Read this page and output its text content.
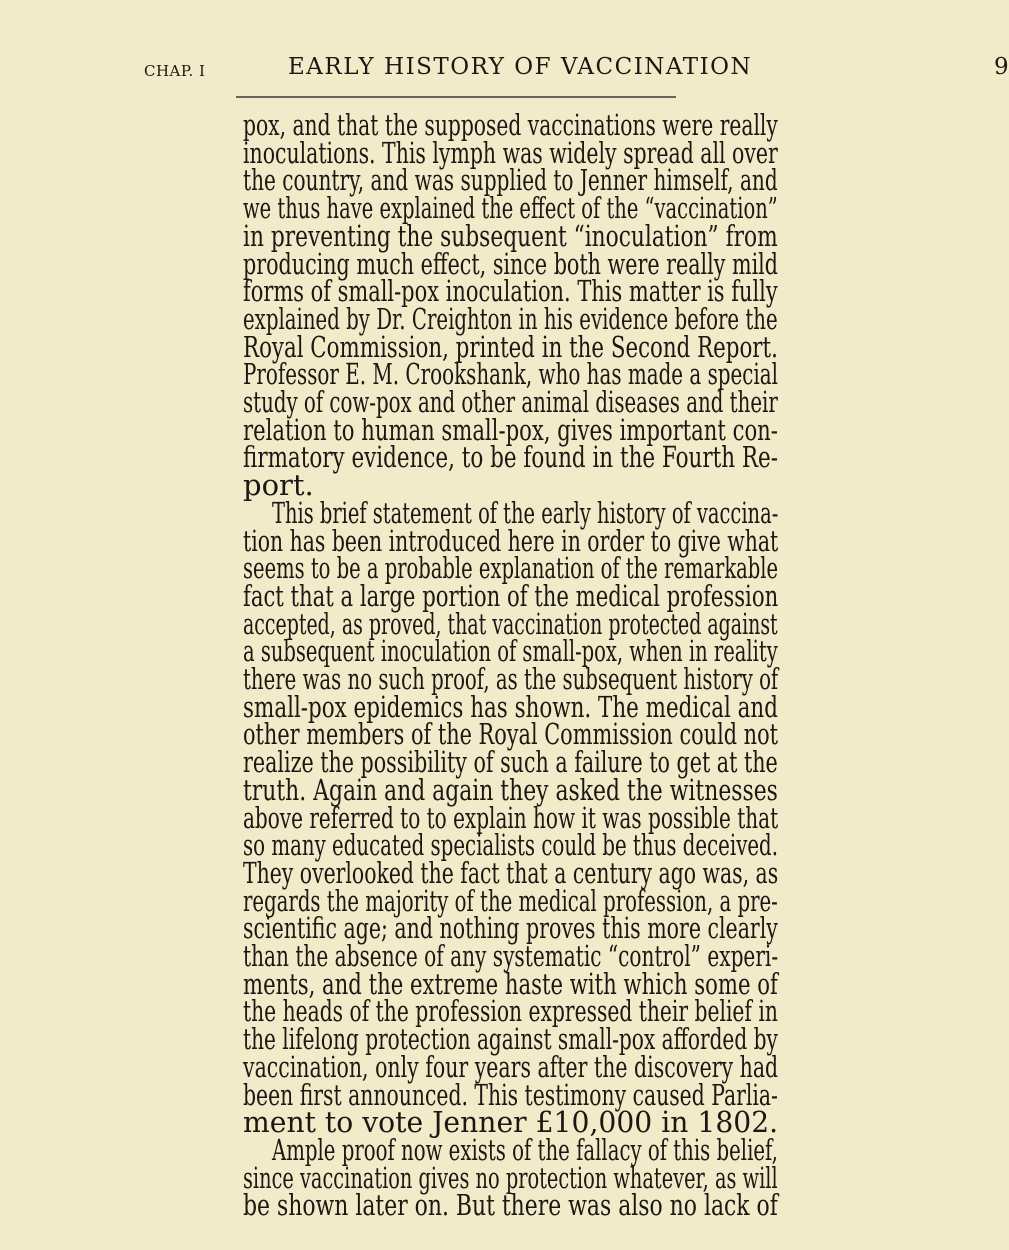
CHAP. I	EARLY HISTORY OF VACCINATION	9
pox, and that the supposed vaccinations were really
inoculations. This lymph was widely spread all over
the country, and was supplied to Jenner himself, and
we thus have explained the effect of the “vaccination”
in preventing the subsequent “inoculation” from
producing much effect, since both were really mild
forms of small-pox inoculation. This matter is fully
explained by Dr. Creighton in his evidence before the
Royal Commission, printed in the Second Report.
Professor E. M. Crookshank, who has made a special
study of cow-pox and other animal diseases and their
relation to human small-pox, gives important con-
firmatory evidence, to be found in the Fourth Re-
port.
This brief statement of the early history of vaccina-
tion has been introduced here in order to give what
seems to be a probable explanation of the remarkable
fact that a large portion of the medical profession
accepted, as proved, that vaccination protected against
a subsequent inoculation of small-pox, when in reality
there was no such proof, as the subsequent history of
small-pox epidemics has shown. The medical and
other members of the Royal Commission could not
realize the possibility of such a failure to get at the
truth. Again and again they asked the witnesses
above referred to to explain how it was possible that
so many educated specialists could be thus deceived.
They overlooked the fact that a century ago was, as
regards the majority of the medical profession, a pre-
scientific age; and nothing proves this more clearly
than the absence of any systematic “control” experi-
ments, and the extreme haste with which some of
the heads of the profession expressed their belief in
the lifelong protection against small-pox afforded by
vaccination, only four years after the discovery had
been first announced. This testimony caused Parlia-
ment to vote Jenner £10,000 in 1802.
Ample proof now exists of the fallacy of this belief,
since vaccination gives no protection whatever, as will
be shown later on. But there was also no lack of
